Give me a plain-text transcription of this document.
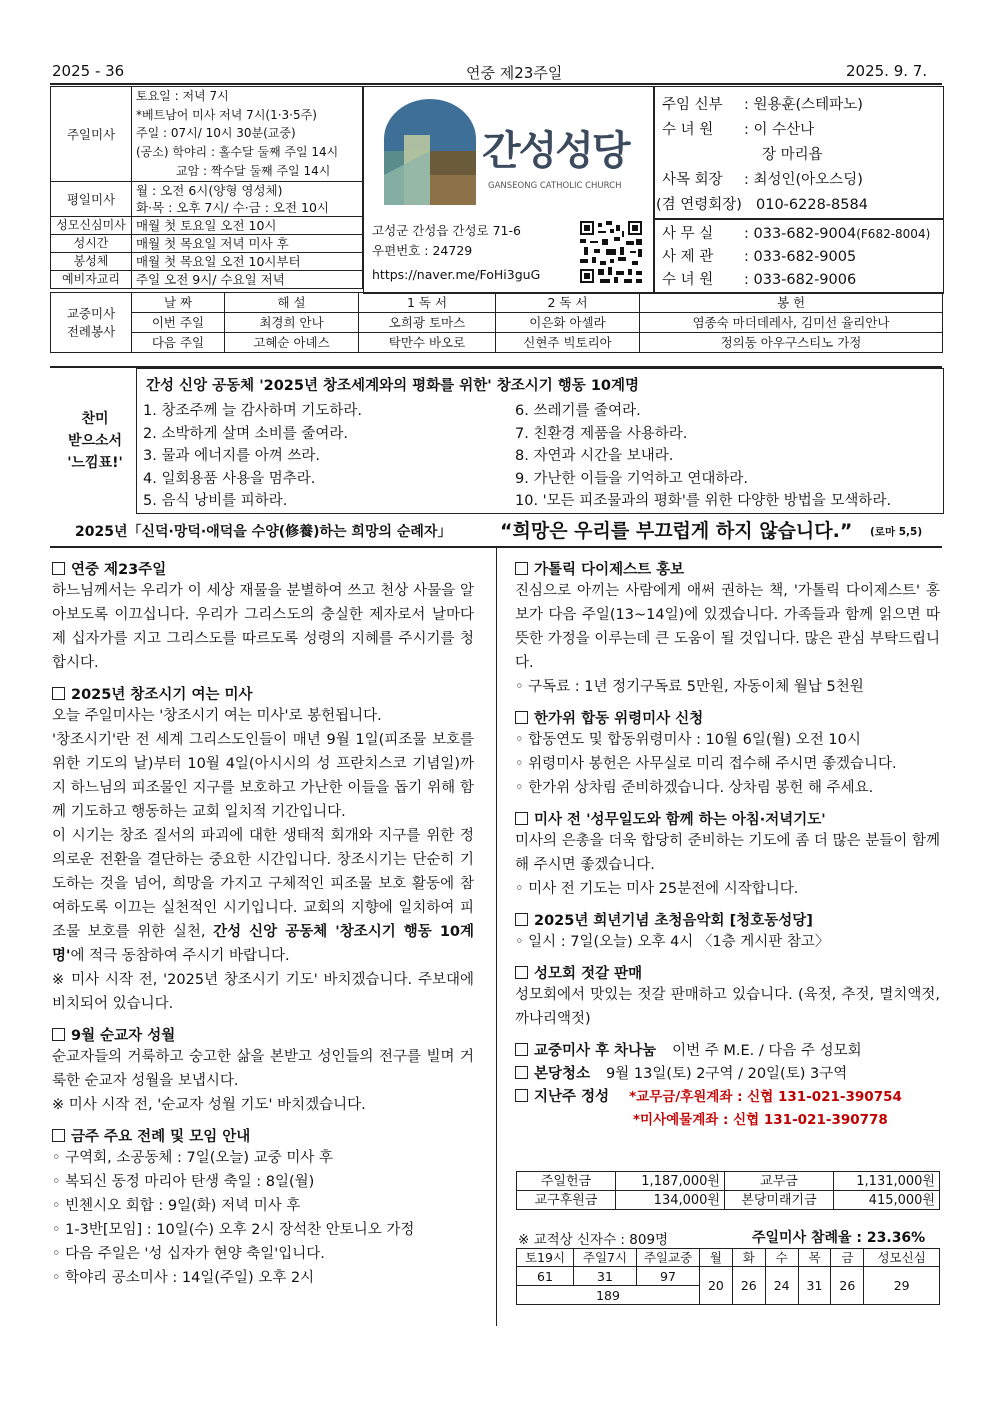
2025 - 36	연중 제23주일	2025. 9. 7.
주일미사	토요일 : 저녁 7시
	*베트남어 미사 저녁 7시(1·3·5주)
	주일 : 07시/ 10시 30분(교중)
	(공소) 학야리 : 홀수달 둘째 주일 14시
	교암 : 짝수달 둘째 주일 14시
평일미사	월 : 오전 6시(양형 영성체)
	화·목 : 오후 7시/ 수·금 : 오전 10시
성모신심미사	매월 첫 토요일 오전 10시
성시간	매월 첫 목요일 저녁 미사 후
봉성체	매월 첫 목요일 오전 10시부터
예비자교리	주일 오전 9시/ 수요일 저녁
간성성당
GANSEONG CATHOLIC CHURCH
고성군 간성읍 간성로 71-6
우편번호 : 24729
https://naver.me/FoHi3guG
주임 신부 : 원용훈(스테파노)
수 녀 원 : 이 수산나
장 마리욥
사목 회장 : 최성인(아오스딩)
(겸 연령회장) 010-6228-8584
사 무 실 : 033-682-9004(F682-8004)
사 제 관 : 033-682-9005
수 녀 원 : 033-682-9006
교중미사
전례봉사	날 짜	해 설	1 독 서	2 독 서	봉 헌
	이번 주일	최경희 안나	오희광 토마스	이은화 아셀라	염종숙 마더데레사, 김미선 율리안나
	다음 주일	고혜순 아녜스	탁만수 바오로	신현주 빅토리아	정의동 아우구스티노 가정
찬미
받으소서
'느낌표!'
간성 신앙 공동체 '2025년 창조세계와의 평화를 위한' 창조시기 행동 10계명
1. 창조주께 늘 감사하며 기도하라.
2. 소박하게 살며 소비를 줄여라.
3. 물과 에너지를 아껴 쓰라.
4. 일회용품 사용을 멈추라.
5. 음식 낭비를 피하라.
6. 쓰레기를 줄여라.
7. 친환경 제품을 사용하라.
8. 자연과 시간을 보내라.
9. 가난한 이들을 기억하고 연대하라.
10. '모든 피조물과의 평화'를 위한 다양한 방법을 모색하라.
2025년「신덕·망덕·애덕을 수양(修養)하는 희망의 순례자」	“희망은 우리를 부끄럽게 하지 않습니다.” (로마 5,5)
연중 제23주일

하느님께서는 우리가 이 세상 재물을 분별하여 쓰고 천상 사물을 알아보도록 이끄십니다. 우리가 그리스도의 충실한 제자로서 날마다 제 십자가를 지고 그리스도를 따르도록 성령의 지혜를 주시기를 청합시다.

2025년 창조시기 여는 미사

오늘 주일미사는 '창조시기 여는 미사'로 봉헌됩니다.

'창조시기'란 전 세계 그리스도인들이 매년 9월 1일(피조물 보호를 위한 기도의 날)부터 10월 4일(아시시의 성 프란치스코 기념일)까지 하느님의 피조물인 지구를 보호하고 가난한 이들을 돕기 위해 함께 기도하고 행동하는 교회 일치적 기간입니다.

이 시기는 창조 질서의 파괴에 대한 생태적 회개와 지구를 위한 정의로운 전환을 결단하는 중요한 시간입니다. 창조시기는 단순히 기도하는 것을 넘어, 희망을 가지고 구체적인 피조물 보호 활동에 참여하도록 이끄는 실천적인 시기입니다. 교회의 지향에 일치하여 피조물 보호를 위한 실천, 간성 신앙 공동체 '창조시기 행동 10계명'에 적극 동참하여 주시기 바랍니다.

※ 미사 시작 전, '2025년 창조시기 기도' 바치겠습니다. 주보대에 비치되어 있습니다.

9월 순교자 성월

순교자들의 거룩하고 숭고한 삶을 본받고 성인들의 전구를 빌며 거룩한 순교자 성월을 보냅시다.

※ 미사 시작 전, '순교자 성월 기도' 바치겠습니다.

금주 주요 전례 및 모임 안내
◦ 구역회, 소공동체 : 7일(오늘) 교중 미사 후
◦ 복되신 동정 마리아 탄생 축일 : 8일(월)
◦ 빈첸시오 회합 : 9일(화) 저녁 미사 후
◦ 1-3반[모임] : 10일(수) 오후 2시 장석찬 안토니오 가정
◦ 다음 주일은 '성 십자가 현양 축일'입니다.
◦ 학야리 공소미사 : 14일(주일) 오후 2시
가톨릭 다이제스트 홍보

진심으로 아끼는 사람에게 애써 권하는 책, '가톨릭 다이제스트' 홍보가 다음 주일(13~14일)에 있겠습니다. 가족들과 함께 읽으면 따뜻한 가정을 이루는데 큰 도움이 될 것입니다. 많은 관심 부탁드립니다.

◦ 구독료 : 1년 정기구독료 5만원, 자동이체 월납 5천원
한가위 합동 위령미사 신청
◦ 합동연도 및 합동위령미사 : 10월 6일(월) 오전 10시
◦ 위령미사 봉헌은 사무실로 미리 접수해 주시면 좋겠습니다.
◦ 한가위 상차림 준비하겠습니다. 상차림 봉헌 해 주세요.
미사 전 '성무일도와 함께 하는 아침·저녁기도'

미사의 은총을 더욱 합당히 준비하는 기도에 좀 더 많은 분들이 함께해 주시면 좋겠습니다.

◦ 미사 전 기도는 미사 25분전에 시작합니다.
2025년 희년기념 초청음악회 [청호동성당]
◦ 일시 : 7일(오늘) 오후 4시 〈1층 게시판 참고〉
성모회 젓갈 판매

성모회에서 맛있는 젓갈 판매하고 있습니다. (육젓, 추젓, 멸치액젓, 까나리액젓)

교중미사 후 차나눔 이번 주 M.E. / 다음 주 성모회
본당청소 9월 13일(토) 2구역 / 20일(토) 3구역
지난주 정성 *교무금/후원계좌 : 신협 131-021-390754
*미사예물계좌 : 신협 131-021-390778
주일헌금	1,187,000원	교무금	1,131,000원
교구후원금	134,000원	본당미래기금	415,000원
※ 교적상 신자수 : 809명	주일미사 참례율 : 23.36%
토19시	주일7시	주일교중	월	화	수	목	금	성모신심
61	31	97	20	26	24	31	26	29
189								
